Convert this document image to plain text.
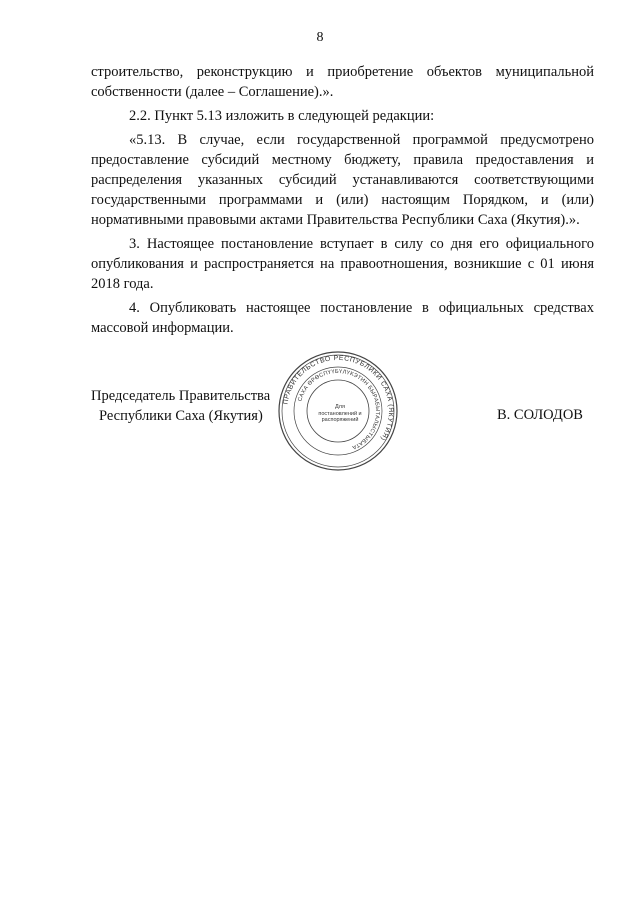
8

строительство, реконструкцию и приобретение объектов муниципальной собственности (далее – Соглашение).».

2.2. Пункт 5.13 изложить в следующей редакции:

«5.13. В случае, если государственной программой предусмотрено предоставление субсидий местному бюджету, правила предоставления и распределения указанных субсидий устанавливаются соответствующими государственными программами и (или) настоящим Порядком, и (или) нормативными правовыми актами Правительства Республики Саха (Якутия).».

3. Настоящее постановление вступает в силу со дня его официального опубликования и распространяется на правоотношения, возникшие с 01 июня 2018 года.

4. Опубликовать настоящее постановление в официальных средствах массовой информации.

Председатель Правительства
Республики Саха (Якутия)	В. СОЛОДОВ
ПРАВИТЕЛЬСТВО РЕСПУБЛИКИ САХА (ЯКУТИЯ)
САХА ӨРӨСПҮҮБҮЛҮКЭТИН БЫРАБЫТАЛЫСТЫБАТА
Для постановлений и распоряжений
